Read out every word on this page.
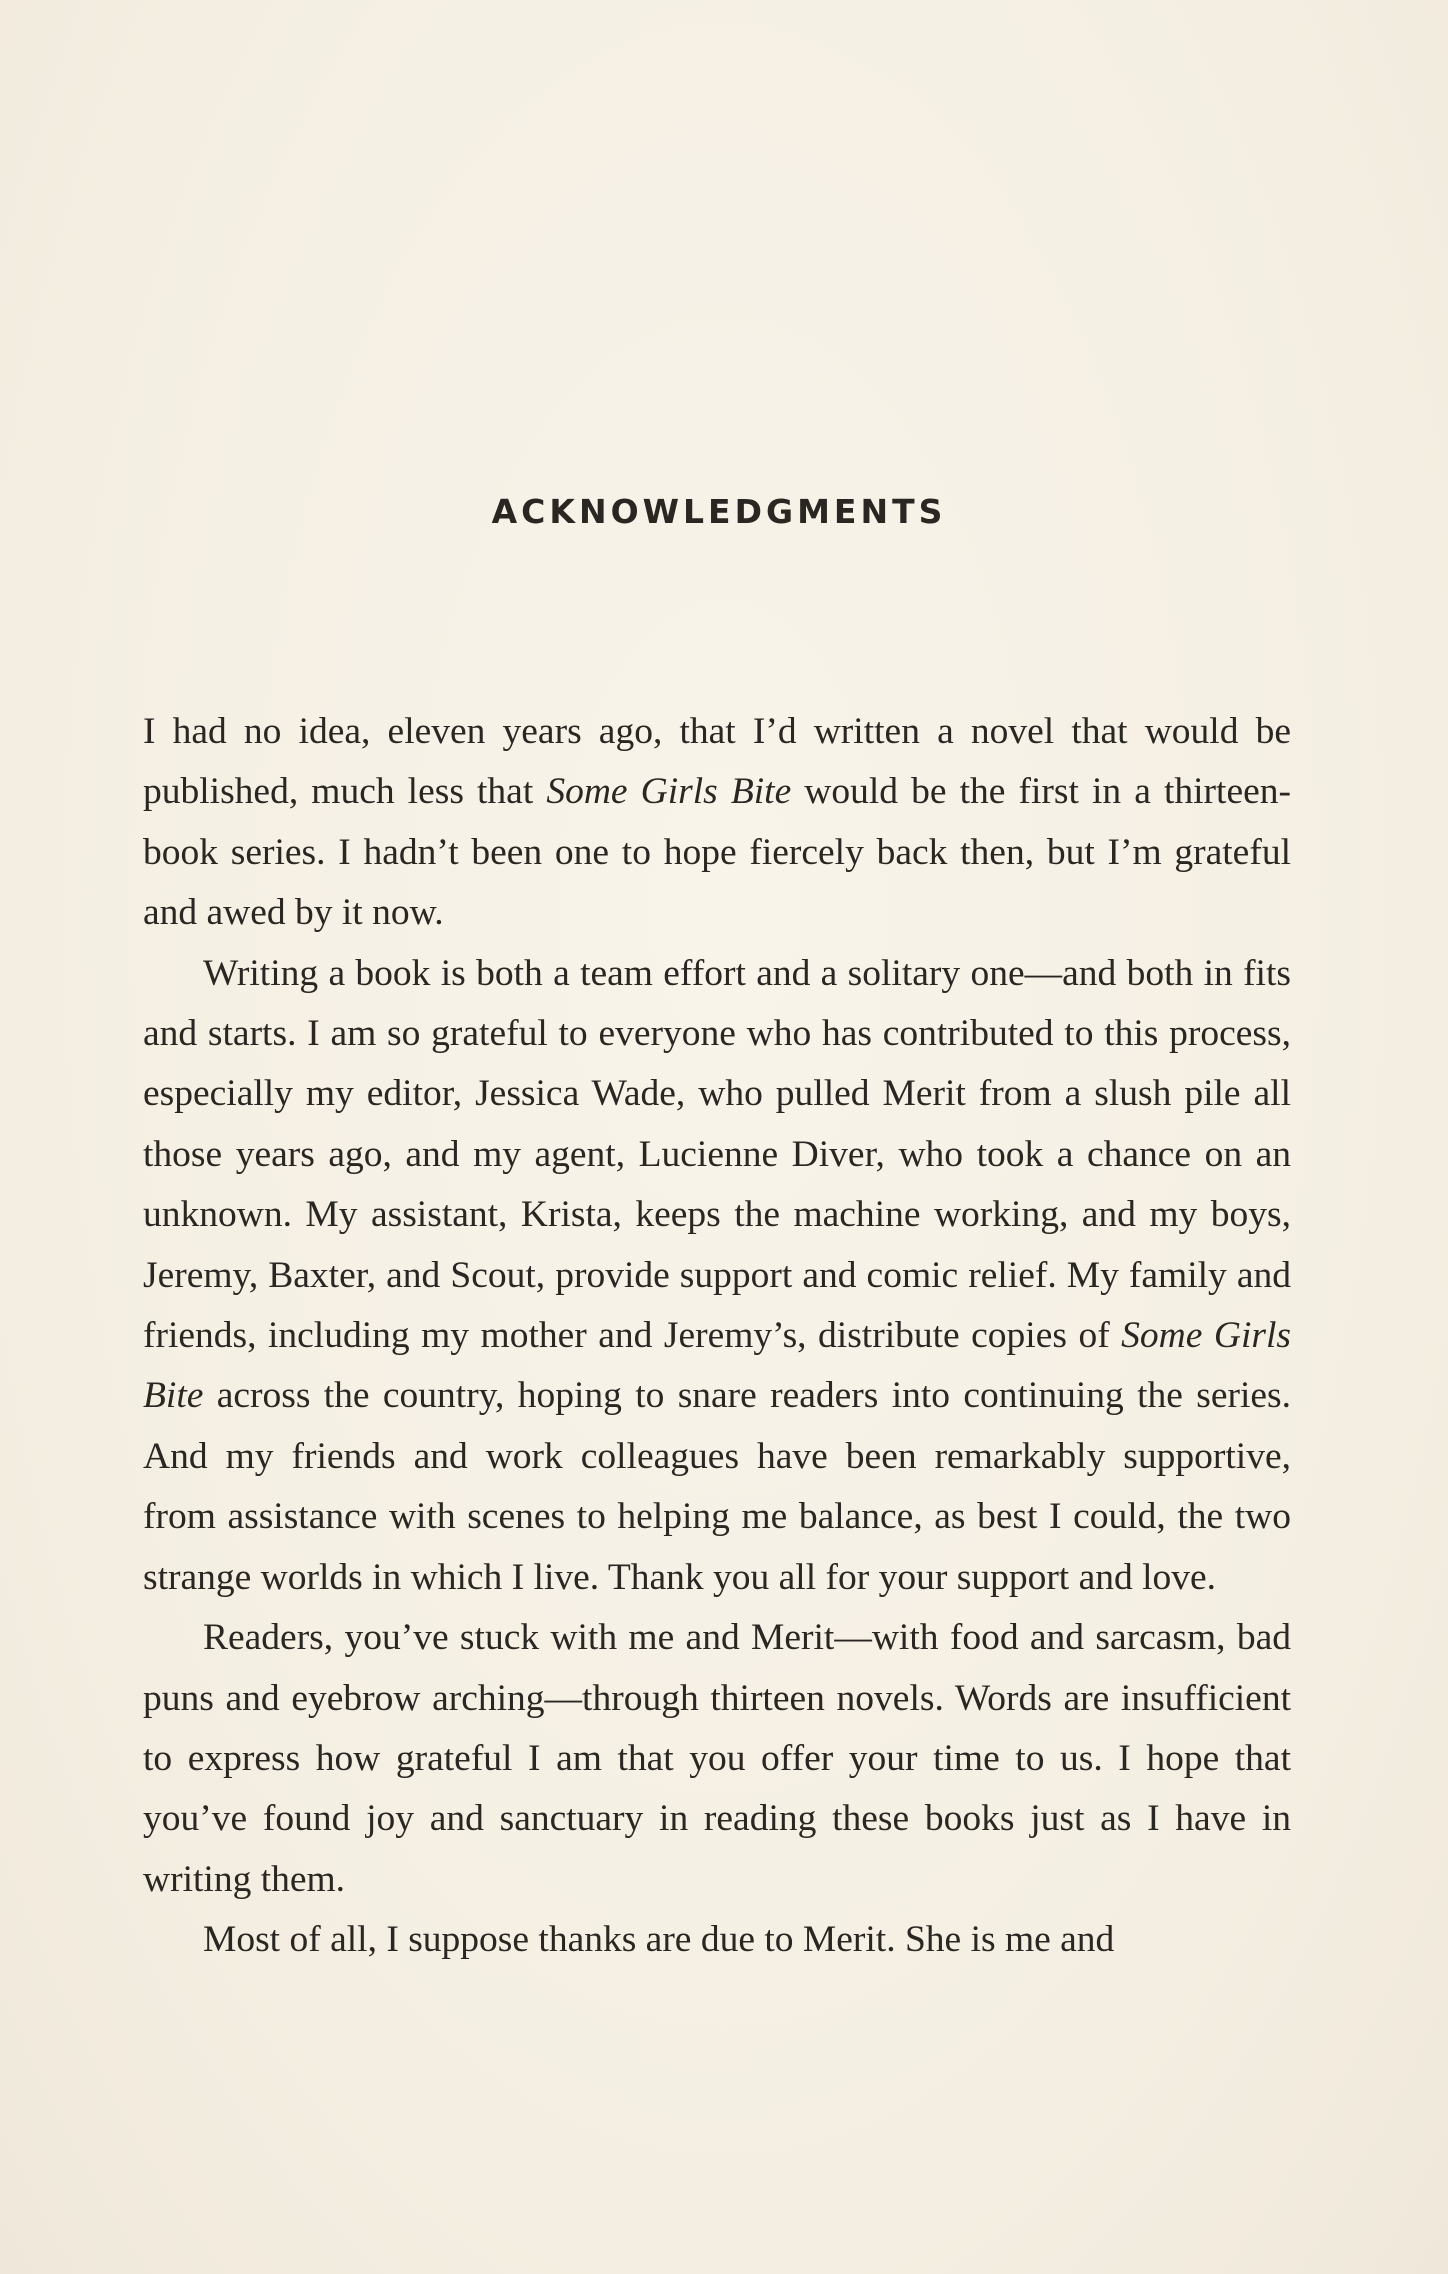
ACKNOWLEDGMENTS

I had no idea, eleven years ago, that I’d written a novel that would be published, much less that Some Girls Bite would be the first in a thirteen-book series. I hadn’t been one to hope fiercely back then, but I’m grateful and awed by it now.

Writing a book is both a team effort and a solitary one—and both in fits and starts. I am so grateful to everyone who has contributed to this process, especially my editor, Jessica Wade, who pulled Merit from a slush pile all those years ago, and my agent, Lucienne Diver, who took a chance on an unknown. My assistant, Krista, keeps the machine working, and my boys, Jeremy, Baxter, and Scout, provide support and comic relief. My family and friends, including my mother and Jeremy’s, distribute copies of Some Girls Bite across the country, hoping to snare readers into continuing the series. And my friends and work colleagues have been remarkably supportive, from assistance with scenes to helping me balance, as best I could, the two strange worlds in which I live. Thank you all for your support and love.

Readers, you’ve stuck with me and Merit—with food and sarcasm, bad puns and eyebrow arching—through thirteen novels. Words are insufficient to express how grateful I am that you offer your time to us. I hope that you’ve found joy and sanctuary in reading these books just as I have in writing them.

Most of all, I suppose thanks are due to Merit. She is me and
